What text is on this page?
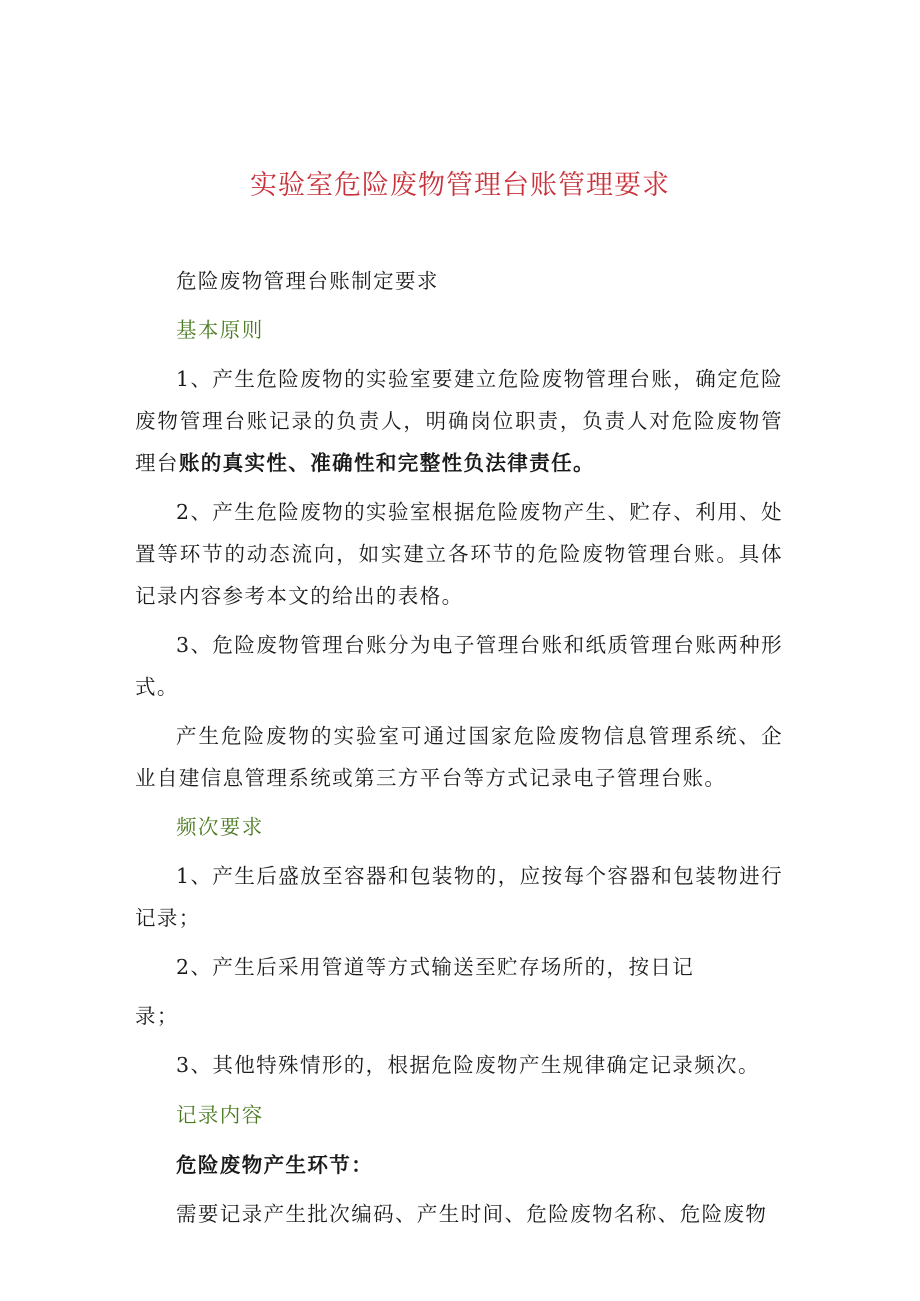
实验室危险废物管理台账管理要求

危险废物管理台账制定要求

基本原则

1、产生危险废物的实验室要建立危险废物管理台账，确定危险废物管理台账记录的负责人，明确岗位职责，负责人对危险废物管理台账的真实性、准确性和完整性负法律责任。

2、产生危险废物的实验室根据危险废物产生、贮存、利用、处置等环节的动态流向，如实建立各环节的危险废物管理台账。具体记录内容参考本文的给出的表格。

3、危险废物管理台账分为电子管理台账和纸质管理台账两种形式。

产生危险废物的实验室可通过国家危险废物信息管理系统、企业自建信息管理系统或第三方平台等方式记录电子管理台账。

频次要求

1、产生后盛放至容器和包装物的，应按每个容器和包装物进行记录；

2、产生后采用管道等方式输送至贮存场所的，按日记

录；

3、其他特殊情形的，根据危险废物产生规律确定记录频次。

记录内容

危险废物产生环节：

需要记录产生批次编码、产生时间、危险废物名称、危险废物
